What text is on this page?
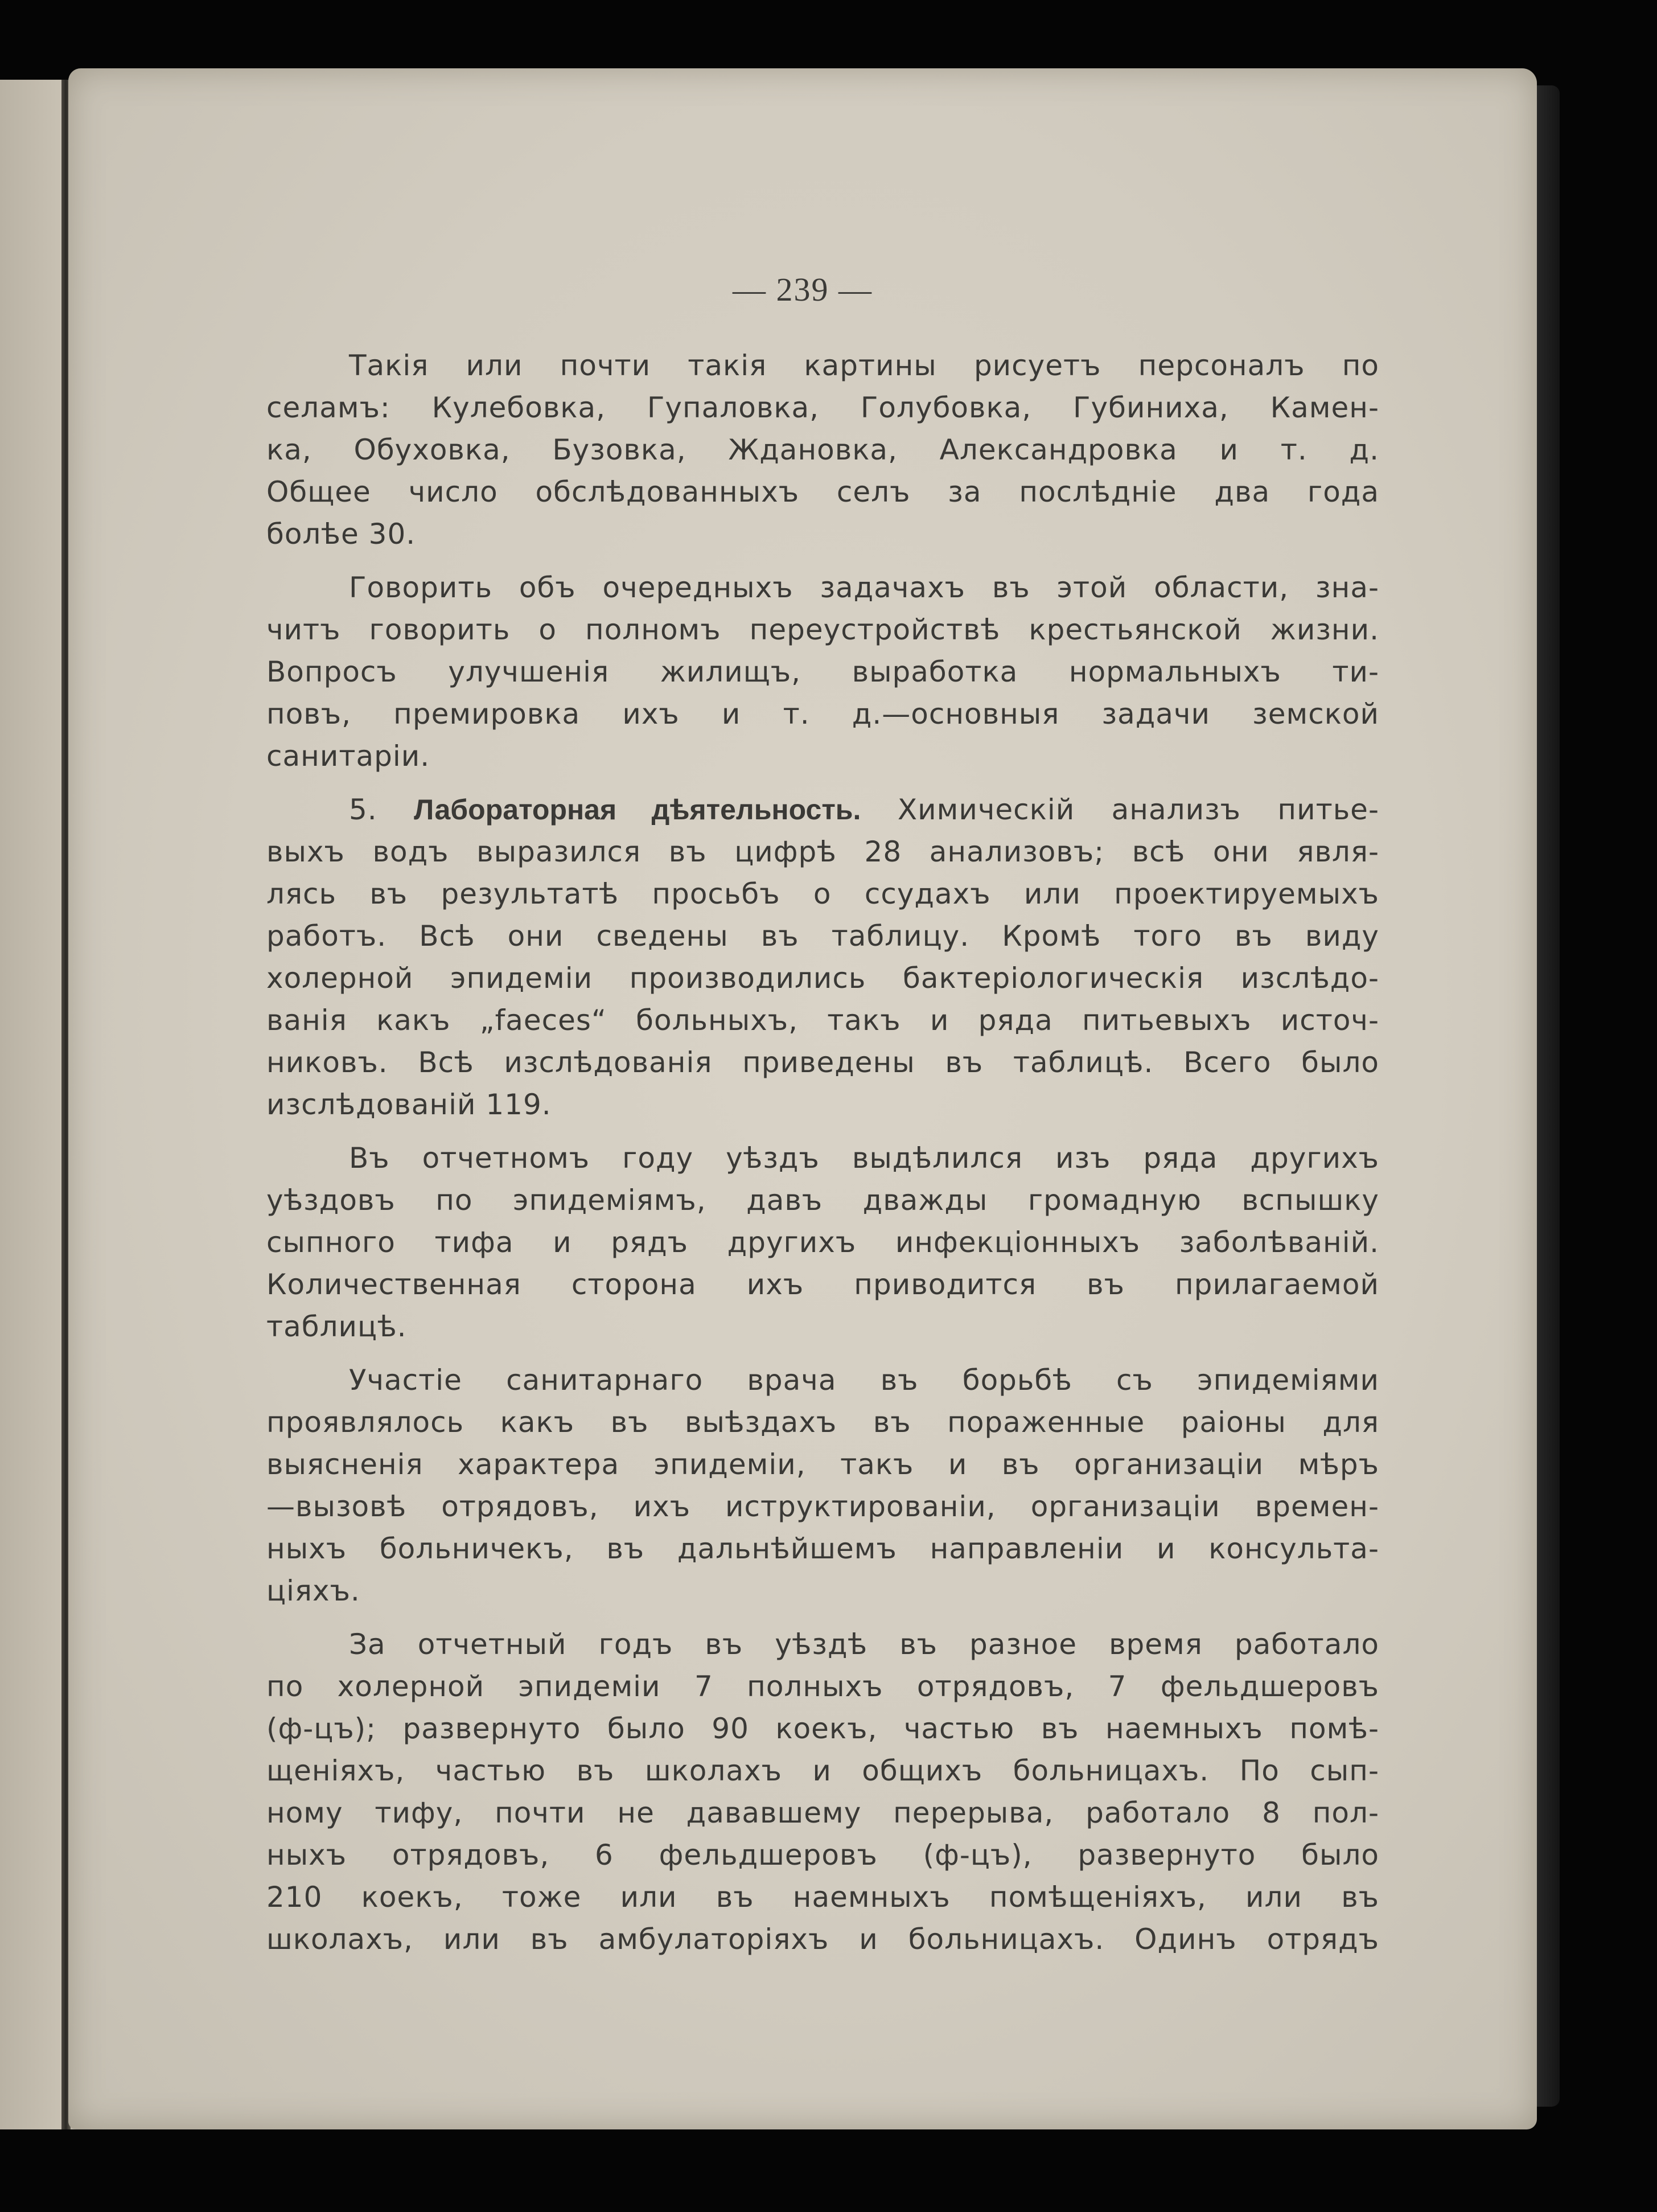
— 239 —
Такія или почти такія картины рисуетъ персоналъ по
селамъ: Кулебовка, Гупаловка, Голубовка, Губиниха, Камен-
ка, Обуховка, Бузовка, Ждановка, Александровка и т. д.
Общее число обслѣдованныхъ селъ за послѣдніе два года
болѣе 30.
Говорить объ очередныхъ задачахъ въ этой области, зна-
читъ говорить о полномъ переустройствѣ крестьянской жизни.
Вопросъ улучшенія жилищъ, выработка нормальныхъ ти-
повъ, премировка ихъ и т. д.—основныя задачи земской
санитаріи.
5. Лабораторная дѣятельность. Химическій анализъ питье-
выхъ водъ выразился въ цифрѣ 28 анализовъ; всѣ они явля-
лясь въ результатѣ просьбъ о ссудахъ или проектируемыхъ
работъ. Всѣ они сведены въ таблицу. Кромѣ того въ виду
холерной эпидеміи производились бактеріологическія изслѣдо-
ванія какъ „faeces“ больныхъ, такъ и ряда питьевыхъ источ-
никовъ. Всѣ изслѣдованія приведены въ таблицѣ. Всего было
изслѣдованій 119.
Въ отчетномъ году уѣздъ выдѣлился изъ ряда другихъ
уѣздовъ по эпидеміямъ, давъ дважды громадную вспышку
сыпного тифа и рядъ другихъ инфекціонныхъ заболѣваній.
Количественная сторона ихъ приводится въ прилагаемой
таблицѣ.
Участіе санитарнаго врача въ борьбѣ съ эпидеміями
проявлялось какъ въ выѣздахъ въ пораженные раіоны для
выясненія характера эпидеміи, такъ и въ организаціи мѣръ
—вызовѣ отрядовъ, ихъ иструктированіи, организаціи времен-
ныхъ больничекъ, въ дальнѣйшемъ направленіи и консульта-
ціяхъ.
За отчетный годъ въ уѣздѣ въ разное время работало
по холерной эпидеміи 7 полныхъ отрядовъ, 7 фельдшеровъ
(ф-цъ); развернуто было 90 коекъ, частью въ наемныхъ помѣ-
щеніяхъ, частью въ школахъ и общихъ больницахъ. По сып-
ному тифу, почти не дававшему перерыва, работало 8 пол-
ныхъ отрядовъ, 6 фельдшеровъ (ф-цъ), развернуто было
210 коекъ, тоже или въ наемныхъ помѣщеніяхъ, или въ
школахъ, или въ амбулаторіяхъ и больницахъ. Одинъ отрядъ
